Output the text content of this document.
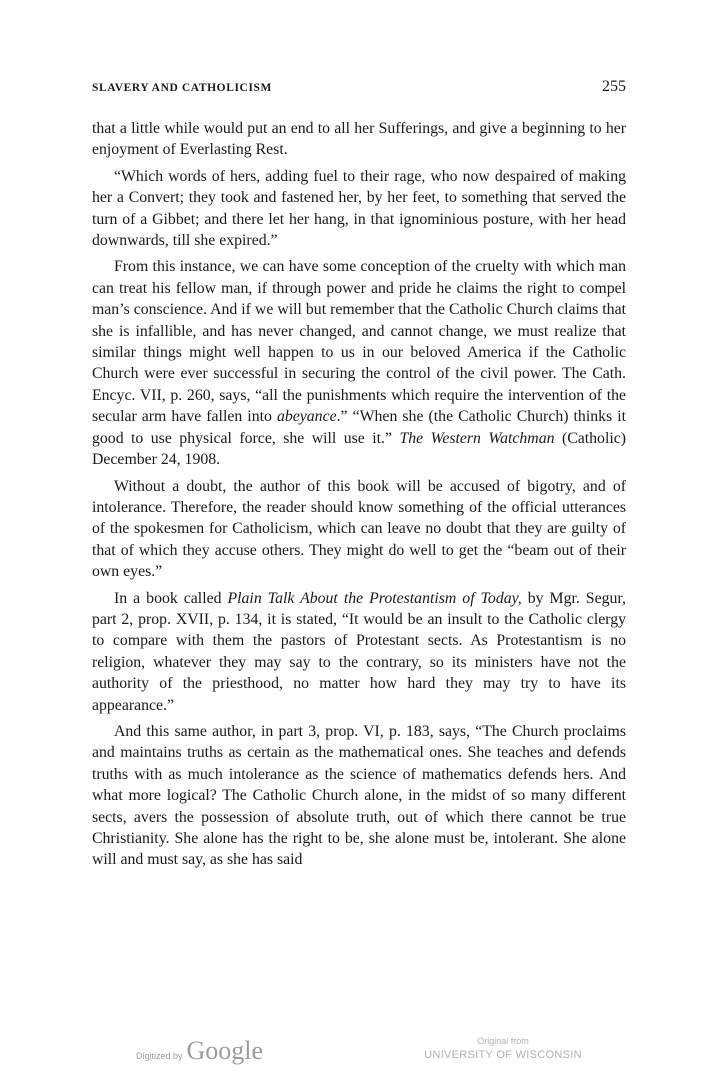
SLAVERY AND CATHOLICISM	255

that a little while would put an end to all her Sufferings, and give a beginning to her enjoyment of Everlasting Rest.

“Which words of hers, adding fuel to their rage, who now despaired of making her a Convert; they took and fastened her, by her feet, to something that served the turn of a Gibbet; and there let her hang, in that ignominious posture, with her head downwards, till she expired.”

From this instance, we can have some conception of the cruelty with which man can treat his fellow man, if through power and pride he claims the right to compel man’s conscience. And if we will but remember that the Catholic Church claims that she is infallible, and has never changed, and cannot change, we must realize that similar things might well happen to us in our beloved America if the Catholic Church were ever successful in securing the control of the civil power. The Cath. Encyc. VII, p. 260, says, “all the punishments which require the intervention of the secular arm have fallen into abeyance.” “When she (the Catholic Church) thinks it good to use physical force, she will use it.” The Western Watchman (Catholic) December 24, 1908.

Without a doubt, the author of this book will be accused of bigotry, and of intolerance. Therefore, the reader should know something of the official utterances of the spokesmen for Catholicism, which can leave no doubt that they are guilty of that of which they accuse others. They might do well to get the “beam out of their own eyes.”

In a book called Plain Talk About the Protestantism of Today, by Mgr. Segur, part 2, prop. XVII, p. 134, it is stated, “It would be an insult to the Catholic clergy to compare with them the pastors of Protestant sects. As Protestantism is no religion, whatever they may say to the contrary, so its ministers have not the authority of the priesthood, no matter how hard they may try to have its appearance.”

And this same author, in part 3, prop. VI, p. 183, says, “The Church proclaims and maintains truths as certain as the mathematical ones. She teaches and defends truths with as much intolerance as the science of mathematics defends hers. And what more logical? The Catholic Church alone, in the midst of so many different sects, avers the possession of absolute truth, out of which there cannot be true Christianity. She alone has the right to be, she alone must be, intolerant. She alone will and must say, as she has said

Digitized by Google	Original from
UNIVERSITY OF WISCONSIN
